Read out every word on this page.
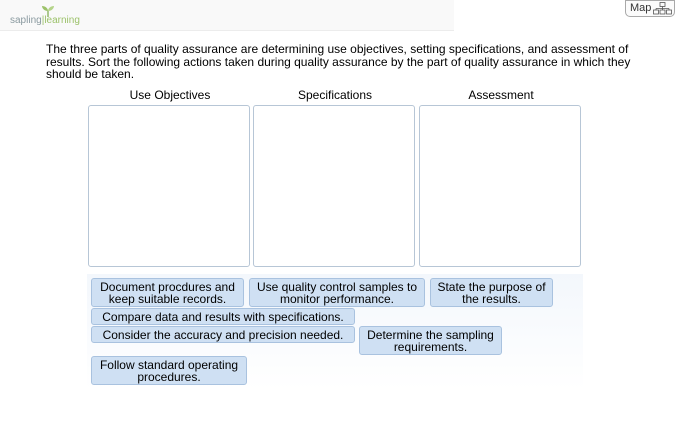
sapling|learning
Map
The three parts of quality assurance are determining use objectives, setting specifications, and assessment of results. Sort the following actions taken during quality assurance by the part of quality assurance in which they should be taken.
Use Objectives	Specifications	Assessment
Document procdures and keep suitable records.
Use quality control samples to monitor performance.
State the purpose of the results.
Compare data and results with specifications.
Consider the accuracy and precision needed.	Determine the sampling requirements.
Follow standard operating procedures.
